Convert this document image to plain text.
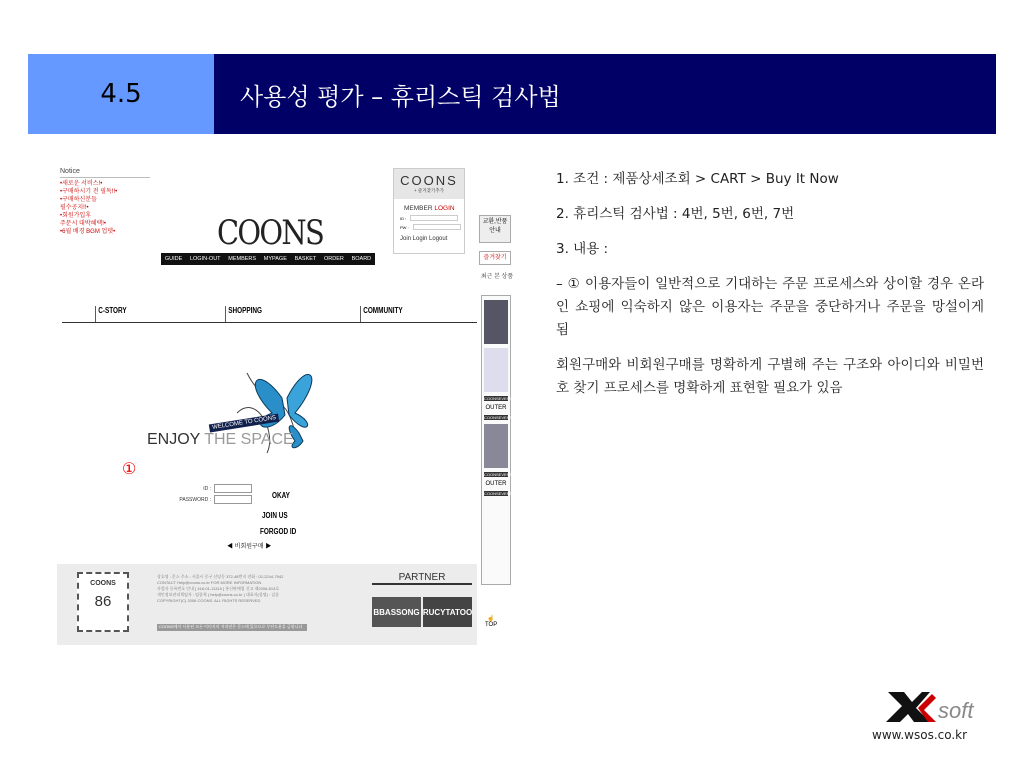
4.5	사용성 평가 – 휴리스틱 검사법
Notice
•새로운 서비스!•
•구매하시기 전 필독!!•
•구매하신분들
필수공지!!•
•회원가입후
주문시 대박혜택!•
•6월 배경 BGM 업뎃•	COONS
GUIDE LOGIN-OUT MEMBERS MYPAGE BASKET ORDER BOARD
COONS
+ 즐겨찾기추가
MEMBER LOGIN
ID :
PW :
Join Login Logout
C-STORY	SHOPPING	COMMUNITY
WELCOME TO COONS
ENJOY THE SPACE
①
ID :
PASSWORD :	OKAY
JOIN US
FORGOD ID
◀ 비회원구매 ▶
COONS
86
상호명 : 쿤스 주소 : 서울시 중구 신당동 372-48번지 전화 : 02-2244-7942
CONTACT Help@coons.co.kr FOR MORE INFORMATION
사업자 등록번호 안내 [ 416-01-11310 ] 통신판매업 신고 제2006-813호
개인정보관리책임자 : 임종혁 ( help@coons.co.kr ) 대표자(성명) : 김종
COPYRIGHT(C) 2006 COONS. ALL RIGHTS RESERVED
COONS에서 사용된 모든 이미지의 저작권은 쿤스에 있으므로 무단도용을 금합니다
PARTNER
BBASSONG RUCYTATOO
교환,반품 안내
즐겨찾기
최근 본 상품
COONSEVENT
OUTER
COONSEVENT
COONSEVENT
OUTER
COONSEVENT
☝
TOP

1. 조건 : 제품상세조회 > CART > Buy It Now

2. 휴리스틱 검사법 : 4번, 5번, 6번, 7번

3. 내용 :

– ① 이용자들이 일반적으로 기대하는 주문 프로세스와 상이할 경우 온라인 쇼핑에 익숙하지 않은 이용자는 주문을 중단하거나 주문을 망설이게 됨

회원구매와 비회원구매를 명확하게 구별해 주는 구조와 아이디와 비밀번호 찾기 프로세스를 명확하게 표현할 필요가 있음

soft
www.wsos.co.kr
